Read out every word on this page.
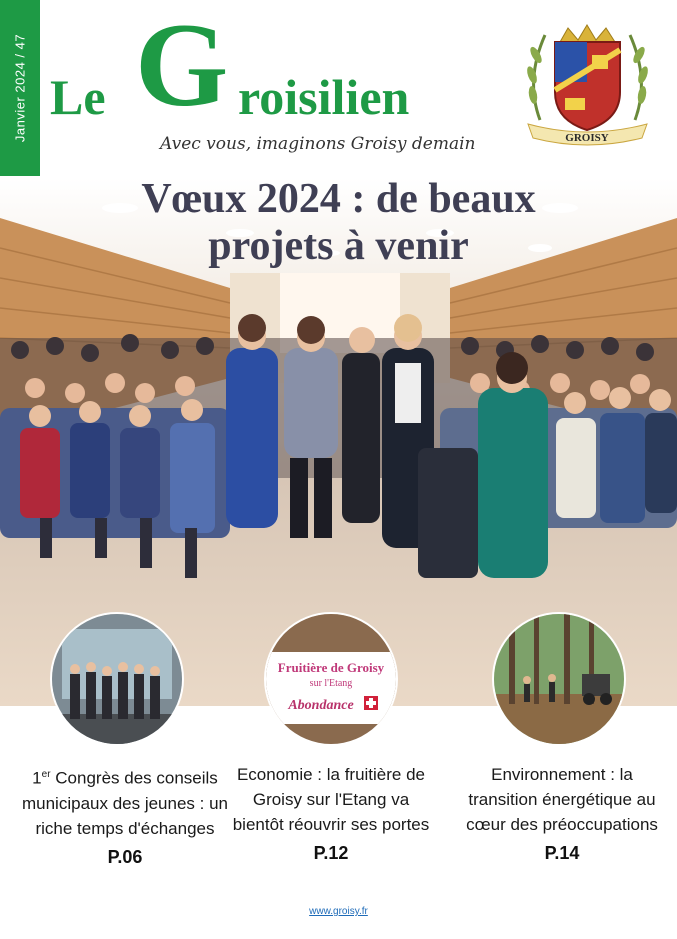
Janvier 2024 / 47 Le G roisilien
Avec vous, imaginons Groisy demain	GROISY
Vœux 2024 : de beaux
projets à venir
Fruitière de Groisy
sur l'Etang
Abondance
1er Congrès des conseils municipaux des jeunes : un riche temps d'échanges
P.06
Economie : la fruitière de Groisy sur l'Etang va bientôt réouvrir ses portes
P.12
Environnement : la transition énergétique au cœur des préoccupations
P.14
www.groisy.fr
